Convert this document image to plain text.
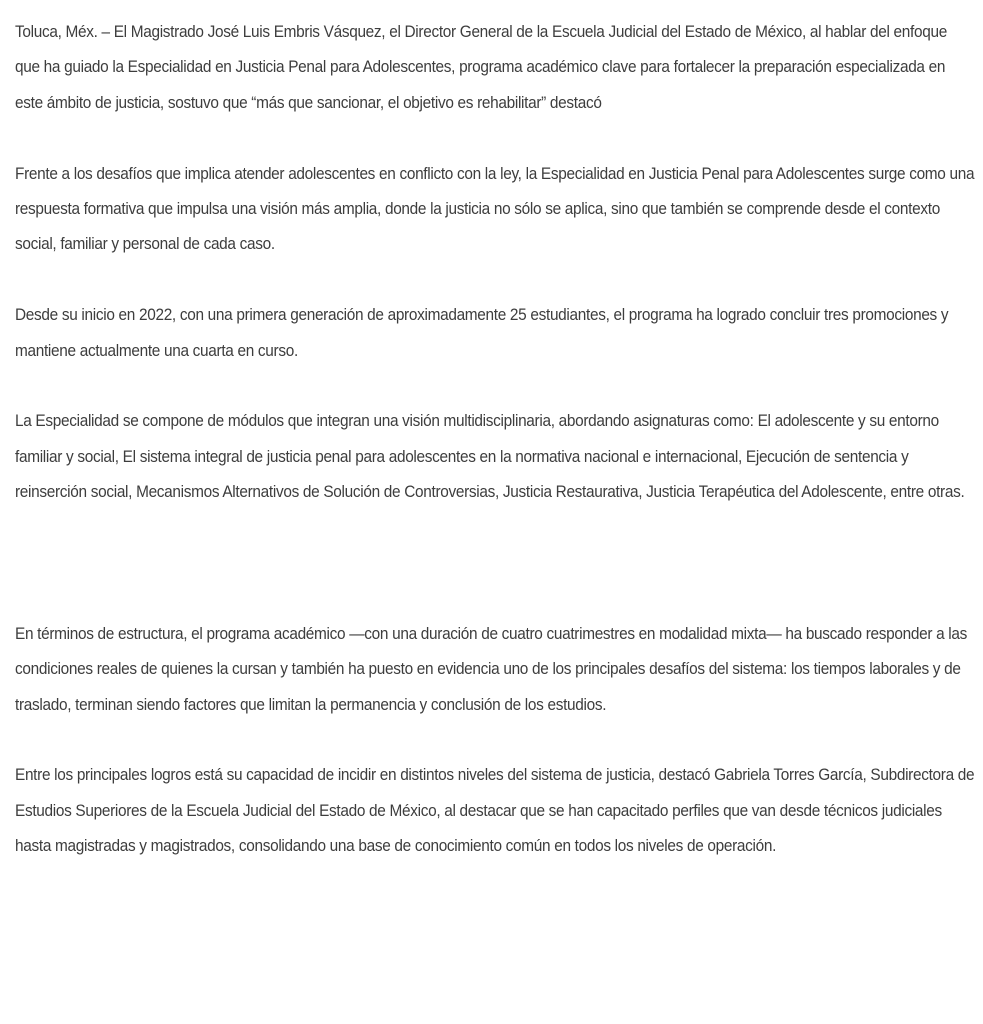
Toluca, Méx. – El Magistrado José Luis Embris Vásquez, el Director General de la Escuela Judicial del Estado de México, al hablar del enfoque que ha guiado la Especialidad en Justicia Penal para Adolescentes, programa académico clave para fortalecer la preparación especializada en este ámbito de justicia, sostuvo que “más que sancionar, el objetivo es rehabilitar” destacó

Frente a los desafíos que implica atender adolescentes en conflicto con la ley, la Especialidad en Justicia Penal para Adolescentes surge como una respuesta formativa que impulsa una visión más amplia, donde la justicia no sólo se aplica, sino que también se comprende desde el contexto social, familiar y personal de cada caso.

Desde su inicio en 2022, con una primera generación de aproximadamente 25 estudiantes, el programa ha logrado concluir tres promociones y mantiene actualmente una cuarta en curso.

La Especialidad se compone de módulos que integran una visión multidisciplinaria, abordando asignaturas como: El adolescente y su entorno familiar y social, El sistema integral de justicia penal para adolescentes en la normativa nacional e internacional, Ejecución de sentencia y reinserción social, Mecanismos Alternativos de Solución de Controversias, Justicia Restaurativa, Justicia Terapéutica del Adolescente, entre otras.

En términos de estructura, el programa académico —con una duración de cuatro cuatrimestres en modalidad mixta— ha buscado responder a las condiciones reales de quienes la cursan y también ha puesto en evidencia uno de los principales desafíos del sistema: los tiempos laborales y de traslado, terminan siendo factores que limitan la permanencia y conclusión de los estudios.

Entre los principales logros está su capacidad de incidir en distintos niveles del sistema de justicia, destacó Gabriela Torres García, Subdirectora de Estudios Superiores de la Escuela Judicial del Estado de México, al destacar que se han capacitado perfiles que van desde técnicos judiciales hasta magistradas y magistrados, consolidando una base de conocimiento común en todos los niveles de operación.
